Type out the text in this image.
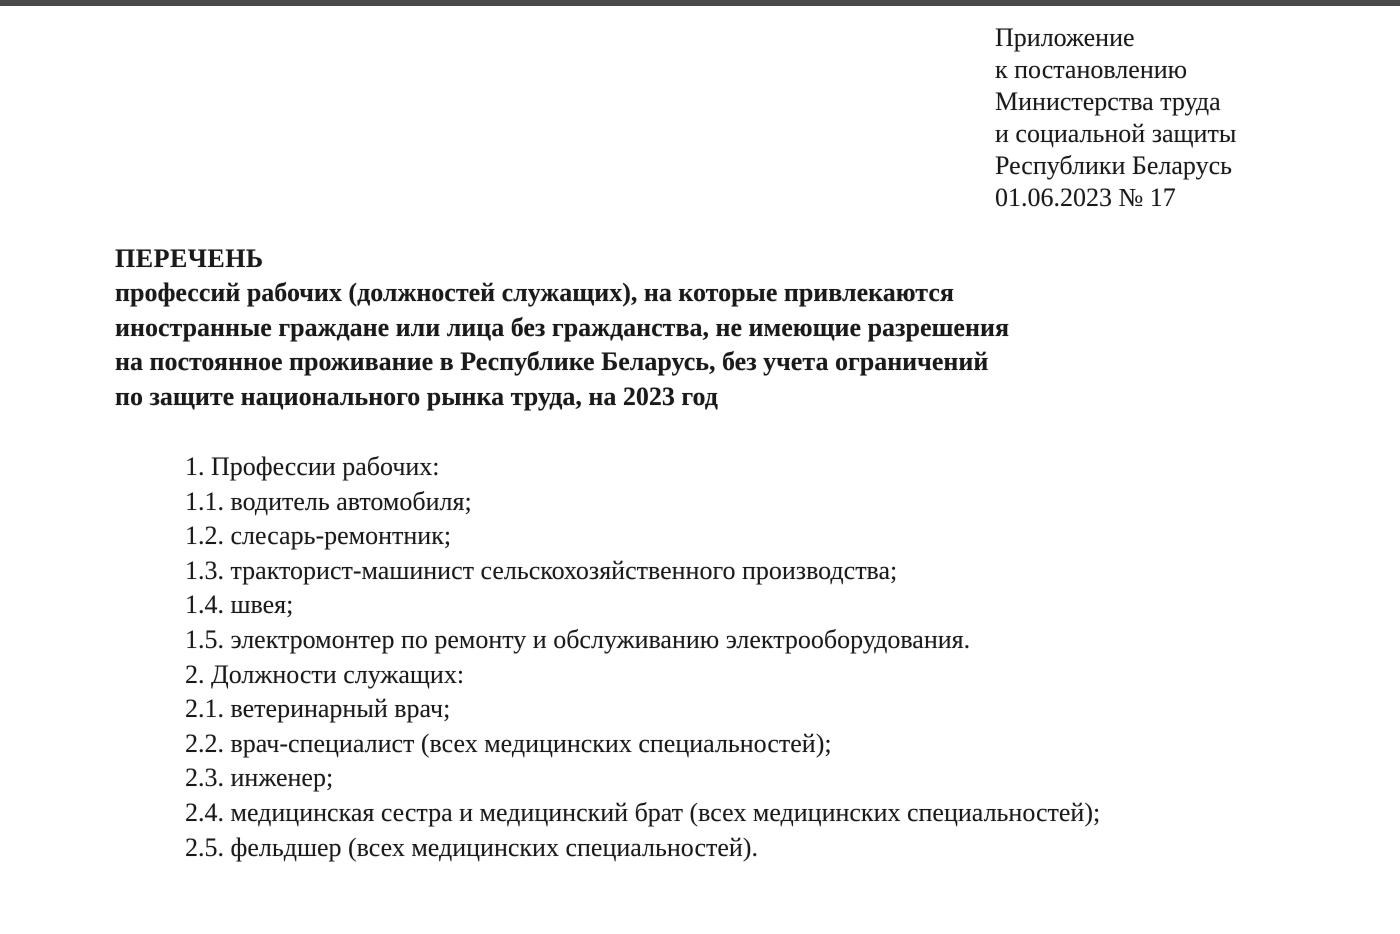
Приложение
к постановлению
Министерства труда
и социальной защиты
Республики Беларусь
01.06.2023 № 17
ПЕРЕЧЕНЬ
профессий рабочих (должностей служащих), на которые привлекаются
иностранные граждане или лица без гражданства, не имеющие разрешения
на постоянное проживание в Республике Беларусь, без учета ограничений
по защите национального рынка труда, на 2023 год
1. Профессии рабочих:
1.1. водитель автомобиля;
1.2. слесарь-ремонтник;
1.3. тракторист-машинист сельскохозяйственного производства;
1.4. швея;
1.5. электромонтер по ремонту и обслуживанию электрооборудования.
2. Должности служащих:
2.1. ветеринарный врач;
2.2. врач-специалист (всех медицинских специальностей);
2.3. инженер;
2.4. медицинская сестра и медицинский брат (всех медицинских специальностей);
2.5. фельдшер (всех медицинских специальностей).
